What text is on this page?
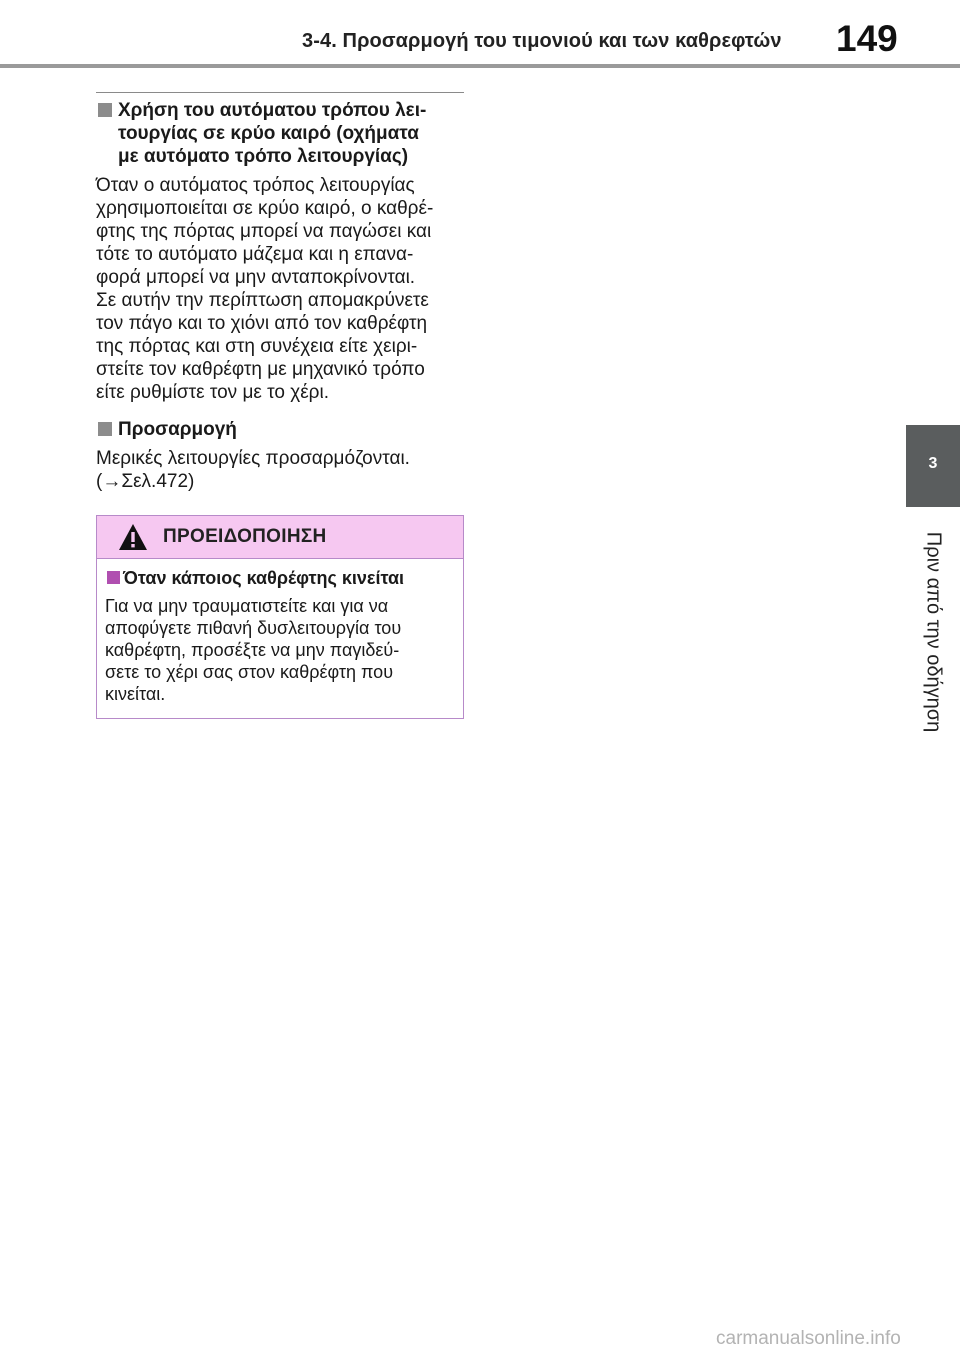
3-4. Προσαρμογή του τιμονιού και των καθρεφτών 149
3
Πριν από την οδήγηση
Χρήση του αυτόματου τρόπου λει-
τουργίας σε κρύο καιρό (οχήματα
με αυτόματο τρόπο λειτουργίας)

Όταν ο αυτόματος τρόπος λειτουργίας
χρησιμοποιείται σε κρύο καιρό, ο καθρέ-
φτης της πόρτας μπορεί να παγώσει και
τότε το αυτόματο μάζεμα και η επανα-
φορά μπορεί να μην ανταποκρίνονται.
Σε αυτήν την περίπτωση απομακρύνετε
τον πάγο και το χιόνι από τον καθρέφτη
της πόρτας και στη συνέχεια είτε χειρι-
στείτε τον καθρέφτη με μηχανικό τρόπο
είτε ρυθμίστε τον με το χέρι.

Προσαρμογή

Μερικές λειτουργίες προσαρμόζονται.
(→Σελ.472)

ΠΡΟΕΙΔΟΠΟΙΗΣΗ
Όταν κάποιος καθρέφτης κινείται

Για να μην τραυματιστείτε και για να
αποφύγετε πιθανή δυσλειτουργία του
καθρέφτη, προσέξτε να μην παγιδεύ-
σετε το χέρι σας στον καθρέφτη που
κινείται.

carmanualsonline.info
